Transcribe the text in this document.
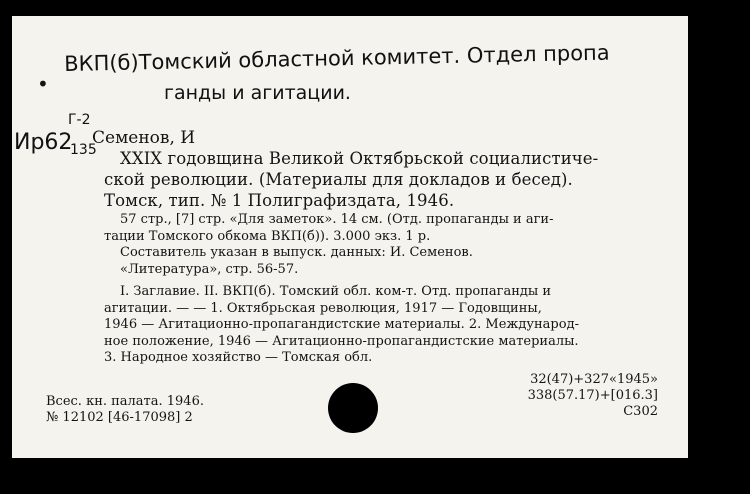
•
ВКП(б)Томский областной комитет. Отдел пропа
ганды и агитации.
Ир62
Г-2
135
Семенов, И
XXIX годовщина Великой Октябрьской социалистиче-
ской революции. (Материалы для докладов и бесед).
Томск, тип. № 1 Полиграфиздата, 1946.
57 стр., [7] стр. «Для заметок». 14 см. (Отд. пропаганды и аги-
тации Томского обкома ВКП(б)). 3.000 экз. 1 р.
Составитель указан в выпуск. данных: И. Семенов.
«Литература», стр. 56-57.
I. Заглавие. II. ВКП(б). Томский обл. ком-т. Отд. пропаганды и
агитации. — — 1. Октябрьская революция, 1917 — Годовщины,
1946 — Агитационно-пропагандистские материалы. 2. Международ-
ное положение, 1946 — Агитационно-пропагандистские материалы.
3. Народное хозяйство — Томская обл.
Всес. кн. палата. 1946.
№ 12102 [46-17098] 2
32(47)+327«1945»
338(57.17)+[016.3]
С302
